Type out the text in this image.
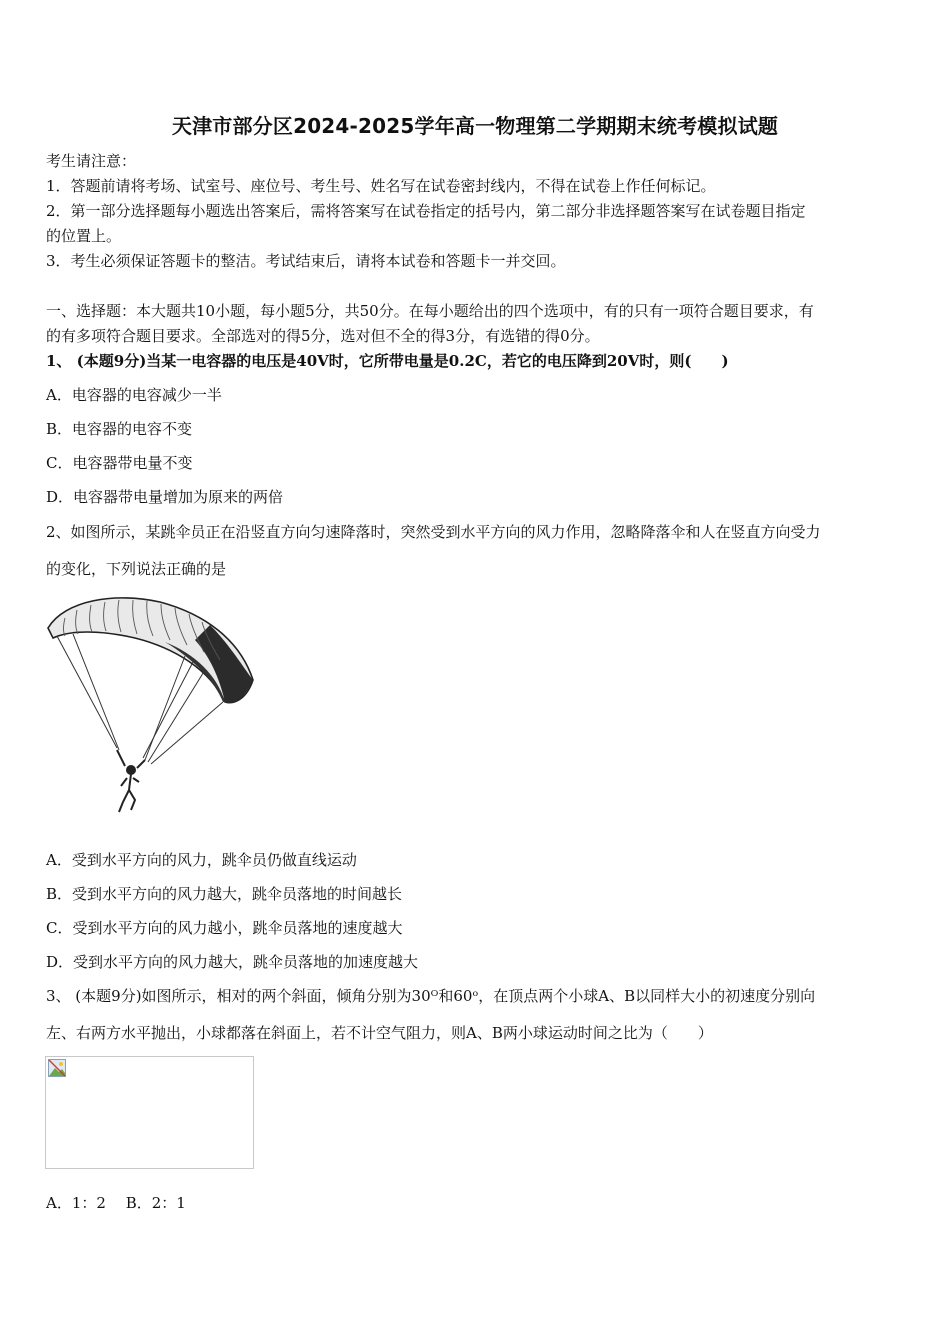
天津市部分区2024-2025学年高一物理第二学期期末统考模拟试题
考生请注意：
1．答题前请将考场、试室号、座位号、考生号、姓名写在试卷密封线内，不得在试卷上作任何标记。
2．第一部分选择题每小题选出答案后，需将答案写在试卷指定的括号内，第二部分非选择题答案写在试卷题目指定
的位置上。
3．考生必须保证答题卡的整洁。考试结束后，请将本试卷和答题卡一并交回。
一、选择题：本大题共10小题，每小题5分，共50分。在每小题给出的四个选项中，有的只有一项符合题目要求，有
的有多项符合题目要求。全部选对的得5分，选对但不全的得3分，有选错的得0分。
1、 (本题9分)当某一电容器的电压是40V时，它所带电量是0.2C，若它的电压降到20V时，则(　　)
A．电容器的电容减少一半
B．电容器的电容不变
C．电容器带电量不变
D．电容器带电量增加为原来的两倍
2、如图所示，某跳伞员正在沿竖直方向匀速降落时，突然受到水平方向的风力作用，忽略降落伞和人在竖直方向受力
的变化，下列说法正确的是
A．受到水平方向的风力，跳伞员仍做直线运动
B．受到水平方向的风力越大，跳伞员落地的时间越长
C．受到水平方向的风力越小，跳伞员落地的速度越大
D．受到水平方向的风力越大，跳伞员落地的加速度越大
3、 (本题9分)如图所示，相对的两个斜面，倾角分别为30ᴼ和60ᵒ，在顶点两个小球A、B以同样大小的初速度分别向
左、右两方水平抛出，小球都落在斜面上，若不计空气阻力，则A、B两小球运动时间之比为（　　）
A．1：2　 B．2：1
